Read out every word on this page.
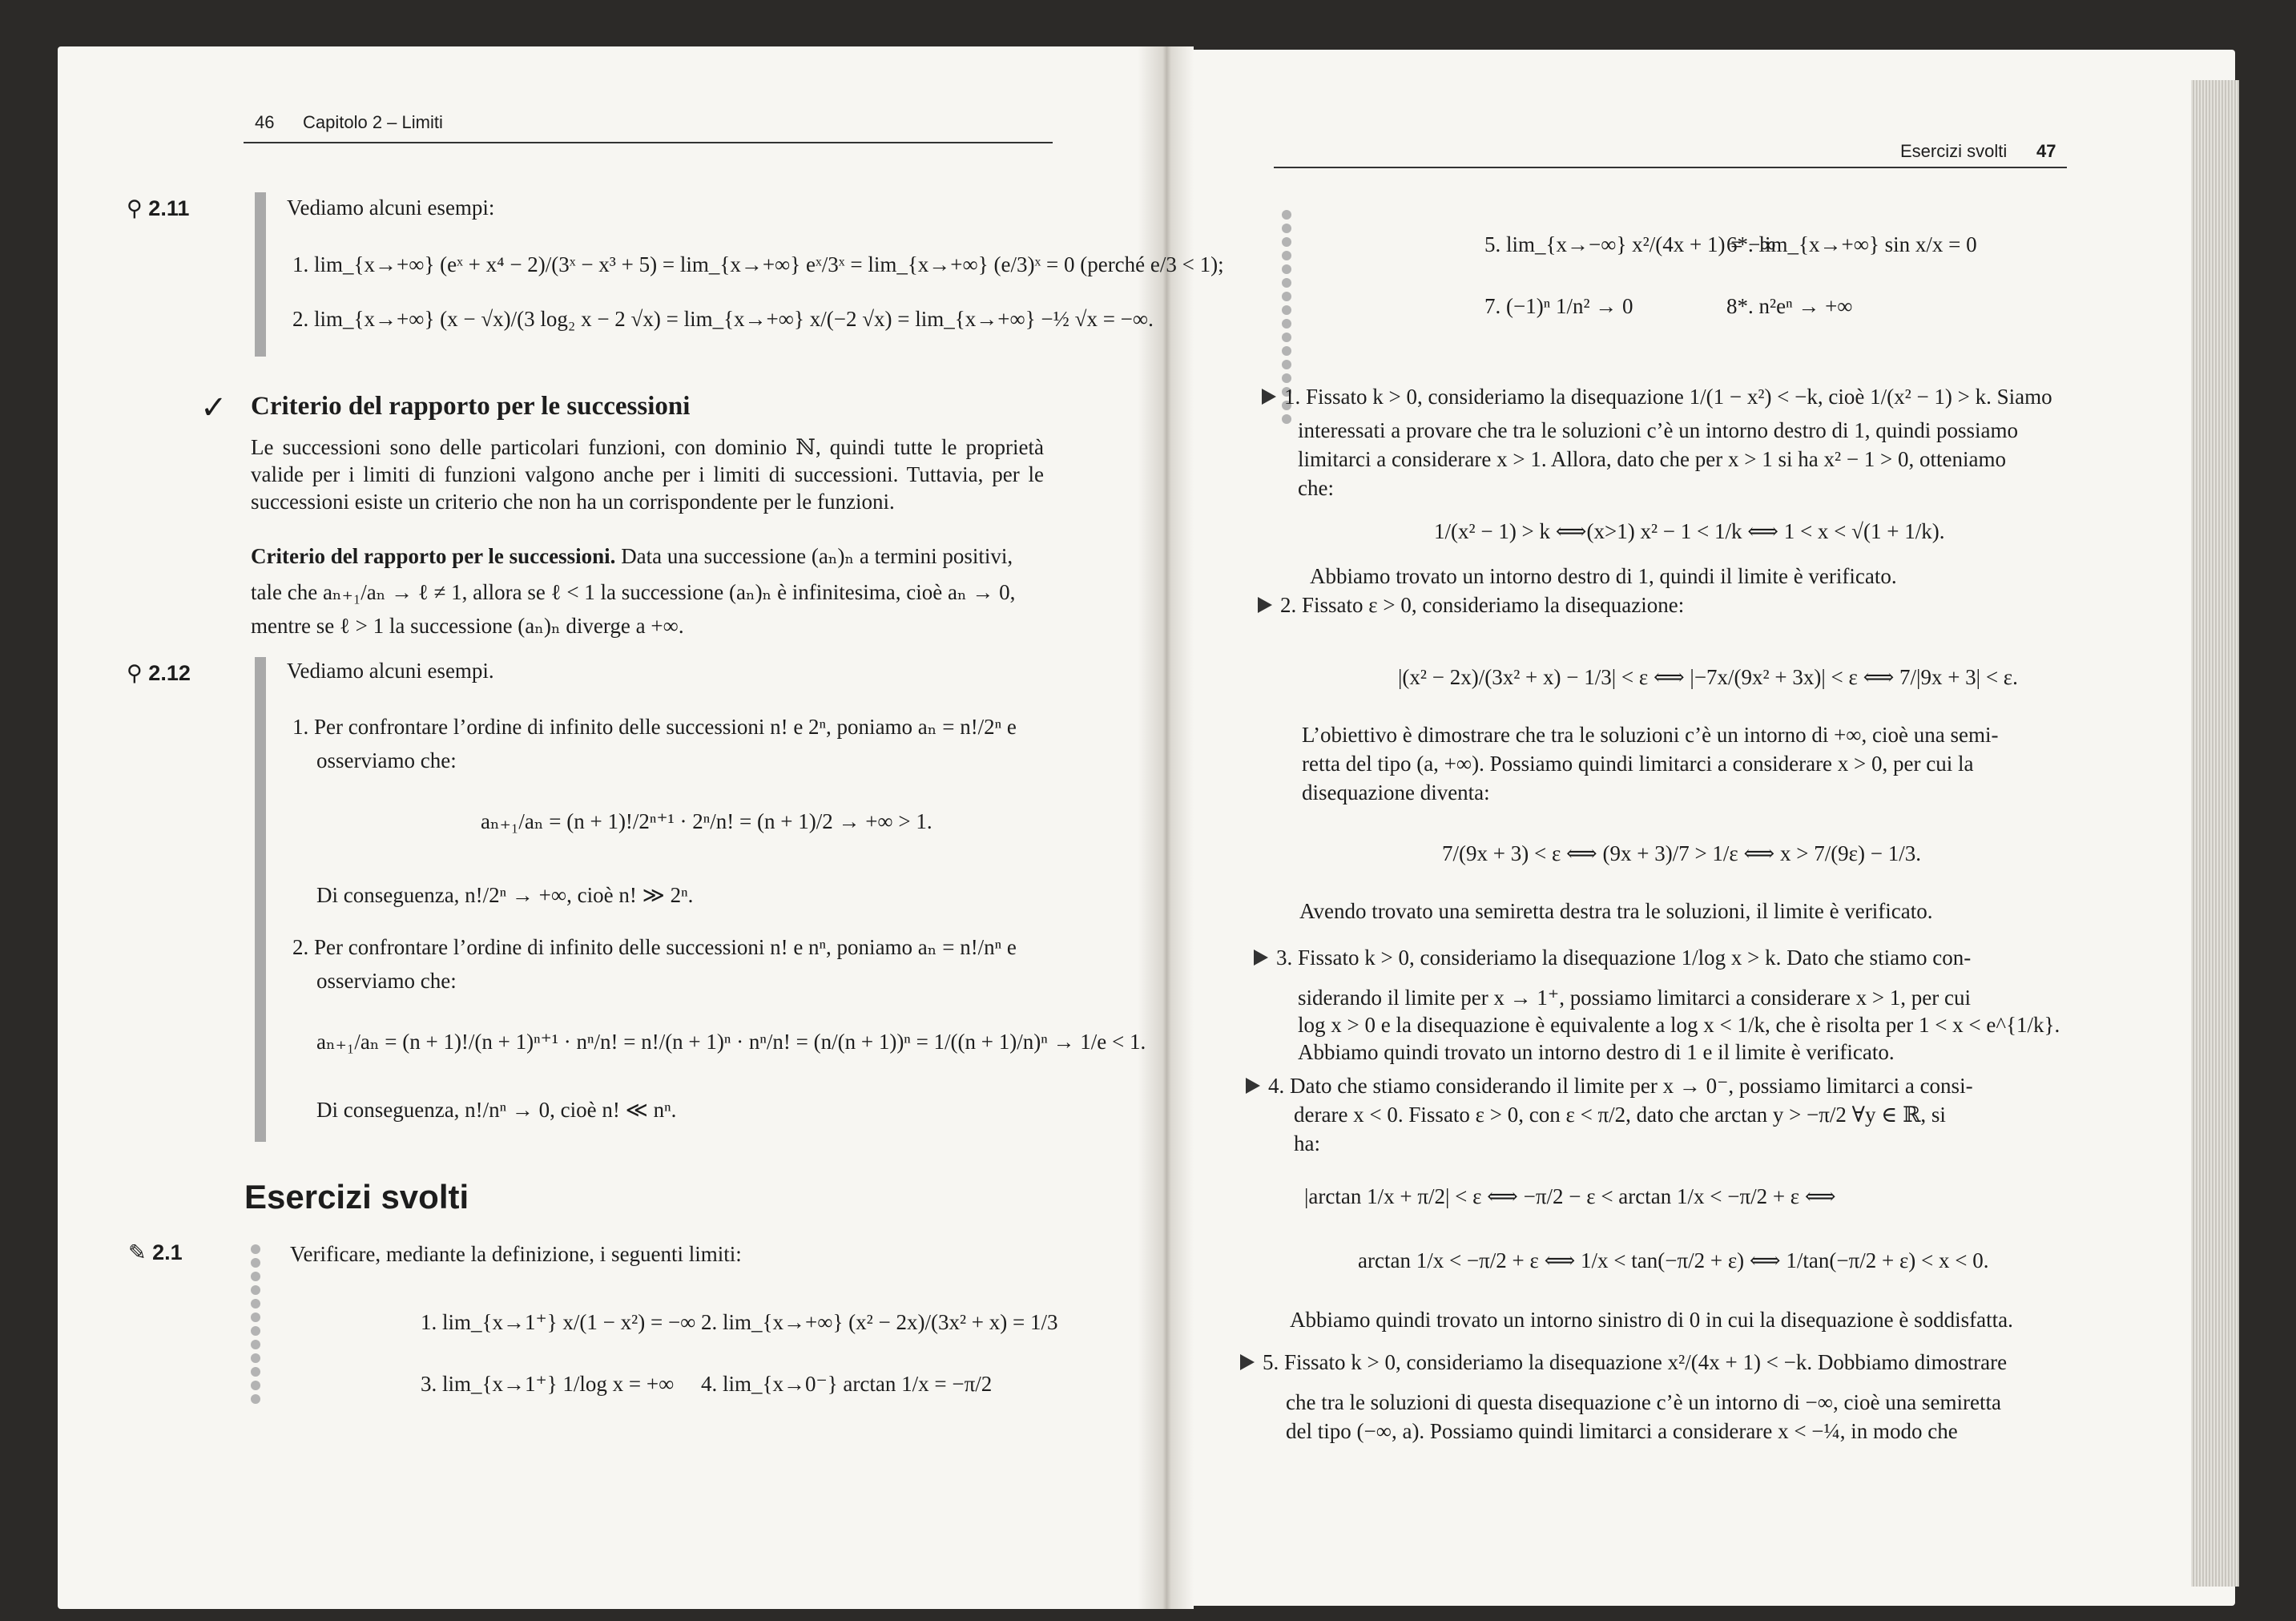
46 Capitolo 2 – Limiti
⚲ 2.11	Vediamo alcuni esempi:
1. lim_{x→+∞} (eˣ + x⁴ − 2)/(3ˣ − x³ + 5) = lim_{x→+∞} eˣ/3ˣ = lim_{x→+∞} (e/3)ˣ = 0 (perché e/3 < 1);
2. lim_{x→+∞} (x − √x)/(3 log₂ x − 2 √x) = lim_{x→+∞} x/(−2 √x) = lim_{x→+∞} −½ √x = −∞.
✓ Criterio del rapporto per le successioni
Le successioni sono delle particolari funzioni, con dominio ℕ, quindi tutte le proprietà valide per i limiti di funzioni valgono anche per i limiti di successioni. Tuttavia, per le successioni esiste un criterio che non ha un corrispondente per le funzioni.
Criterio del rapporto per le successioni. Data una successione (aₙ)ₙ a termini positivi,
tale che aₙ₊₁/aₙ → ℓ ≠ 1, allora se ℓ < 1 la successione (aₙ)ₙ è infinitesima, cioè aₙ → 0,
mentre se ℓ > 1 la successione (aₙ)ₙ diverge a +∞.
⚲ 2.12	Vediamo alcuni esempi.
1. Per confrontare l’ordine di infinito delle successioni n! e 2ⁿ, poniamo aₙ = n!/2ⁿ e
osserviamo che:
aₙ₊₁/aₙ = (n + 1)!/2ⁿ⁺¹ · 2ⁿ/n! = (n + 1)/2 → +∞ > 1.
Di conseguenza, n!/2ⁿ → +∞, cioè n! ≫ 2ⁿ.
2. Per confrontare l’ordine di infinito delle successioni n! e nⁿ, poniamo aₙ = n!/nⁿ e
osserviamo che:
aₙ₊₁/aₙ = (n + 1)!/(n + 1)ⁿ⁺¹ · nⁿ/n! = n!/(n + 1)ⁿ · nⁿ/n! = (n/(n + 1))ⁿ = 1/((n + 1)/n)ⁿ → 1/e < 1.
Di conseguenza, n!/nⁿ → 0, cioè n! ≪ nⁿ.
Esercizi svolti
✎ 2.1	Verificare, mediante la definizione, i seguenti limiti:
1. lim_{x→1⁺} x/(1 − x²) = −∞ 2. lim_{x→+∞} (x² − 2x)/(3x² + x) = 1/3
3. lim_{x→1⁺} 1/log x = +∞ 4. lim_{x→0⁻} arctan 1/x = −π/2
Esercizi svolti 47
5. lim_{x→−∞} x²/(4x + 1) = −∞
6*. lim_{x→+∞} sin x/x = 0
7. (−1)ⁿ 1/n² → 0	8*. n²eⁿ → +∞
1. Fissato k > 0, consideriamo la disequazione 1/(1 − x²) < −k, cioè 1/(x² − 1) > k. Siamo
interessati a provare che tra le soluzioni c’è un intorno destro di 1, quindi possiamo
limitarci a considerare x > 1. Allora, dato che per x > 1 si ha x² − 1 > 0, otteniamo
che:
1/(x² − 1) > k ⟺(x>1) x² − 1 < 1/k ⟺ 1 < x < √(1 + 1/k).
Abbiamo trovato un intorno destro di 1, quindi il limite è verificato.
2. Fissato ε > 0, consideriamo la disequazione:
|(x² − 2x)/(3x² + x) − 1/3| < ε ⟺ |−7x/(9x² + 3x)| < ε ⟺ 7/|9x + 3| < ε.
L’obiettivo è dimostrare che tra le soluzioni c’è un intorno di +∞, cioè una semi-
retta del tipo (a, +∞). Possiamo quindi limitarci a considerare x > 0, per cui la
disequazione diventa:
7/(9x + 3) < ε ⟺ (9x + 3)/7 > 1/ε ⟺ x > 7/(9ε) − 1/3.
Avendo trovato una semiretta destra tra le soluzioni, il limite è verificato.
3. Fissato k > 0, consideriamo la disequazione 1/log x > k. Dato che stiamo con-
siderando il limite per x → 1⁺, possiamo limitarci a considerare x > 1, per cui
log x > 0 e la disequazione è equivalente a log x < 1/k, che è risolta per 1 < x < e^{1/k}.
Abbiamo quindi trovato un intorno destro di 1 e il limite è verificato.
4. Dato che stiamo considerando il limite per x → 0⁻, possiamo limitarci a consi-
derare x < 0. Fissato ε > 0, con ε < π/2, dato che arctan y > −π/2 ∀y ∈ ℝ, si
ha:
|arctan 1/x + π/2| < ε ⟺ −π/2 − ε < arctan 1/x < −π/2 + ε ⟺
arctan 1/x < −π/2 + ε ⟺ 1/x < tan(−π/2 + ε) ⟺ 1/tan(−π/2 + ε) < x < 0.
Abbiamo quindi trovato un intorno sinistro di 0 in cui la disequazione è soddisfatta.
5. Fissato k > 0, consideriamo la disequazione x²/(4x + 1) < −k. Dobbiamo dimostrare
che tra le soluzioni di questa disequazione c’è un intorno di −∞, cioè una semiretta
del tipo (−∞, a). Possiamo quindi limitarci a considerare x < −¼, in modo che
